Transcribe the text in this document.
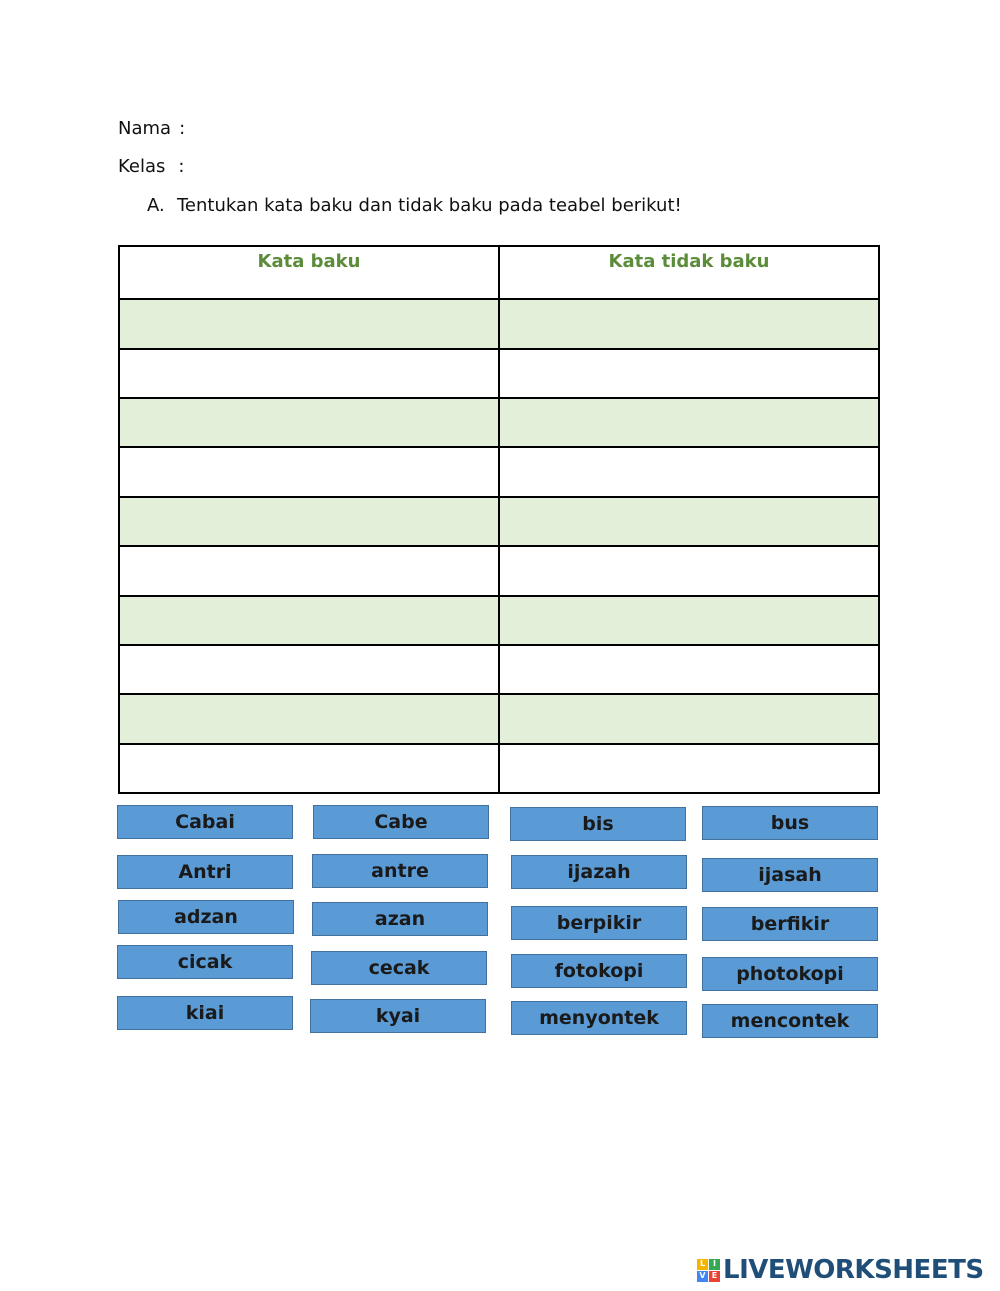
Nama :
Kelas :
A. Tentukan kata baku dan tidak baku pada teabel berikut!
Kata baku	Kata tidak baku

Cabai	Cabe	bis	bus
Antri	antre	ijazah	ijasah
adzan	azan	berpikir	berfikir
cicak	cecak	fotokopi	photokopi
kiai	kyai	menyontek	mencontek
L I
V E LIVEWORKSHEETS
